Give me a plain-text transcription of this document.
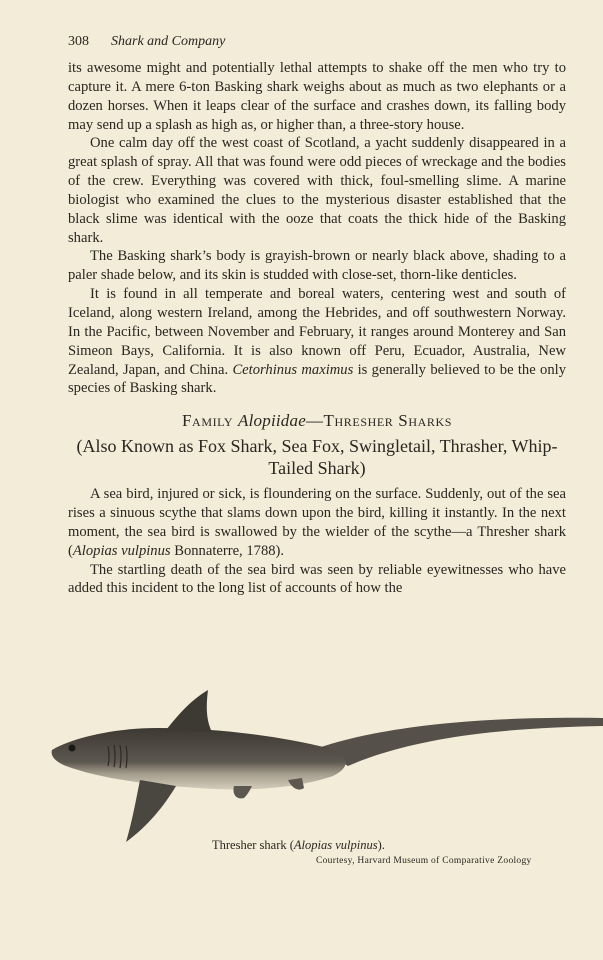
308 Shark and Company

its awesome might and potentially lethal attempts to shake off the men who try to capture it. A mere 6-ton Basking shark weighs about as much as two elephants or a dozen horses. When it leaps clear of the surface and crashes down, its falling body may send up a splash as high as, or higher than, a three-story house.

One calm day off the west coast of Scotland, a yacht suddenly disappeared in a great splash of spray. All that was found were odd pieces of wreckage and the bodies of the crew. Everything was covered with thick, foul-smelling slime. A marine biologist who examined the clues to the mysterious disaster established that the black slime was identical with the ooze that coats the thick hide of the Basking shark.

The Basking shark’s body is grayish-brown or nearly black above, shading to a paler shade below, and its skin is studded with close-set, thorn-like denticles.

It is found in all temperate and boreal waters, centering west and south of Iceland, along western Ireland, among the Hebrides, and off southwestern Norway. In the Pacific, between November and February, it ranges around Monterey and San Simeon Bays, California. It is also known off Peru, Ecuador, Australia, New Zealand, Japan, and China. Cetorhinus maximus is generally believed to be the only species of Basking shark.

Family Alopiidae—Thresher Sharks
(Also Known as Fox Shark, Sea Fox, Swingletail, Thrasher, Whip-Tailed Shark)

A sea bird, injured or sick, is floundering on the surface. Suddenly, out of the sea rises a sinuous scythe that slams down upon the bird, killing it instantly. In the next moment, the sea bird is swallowed by the wielder of the scythe—a Thresher shark (Alopias vulpinus Bonnaterre, 1788).

The startling death of the sea bird was seen by reliable eyewitnesses who have added this incident to the long list of accounts of how the

Thresher shark (Alopias vulpinus).
Courtesy, Harvard Museum of Comparative Zoology
